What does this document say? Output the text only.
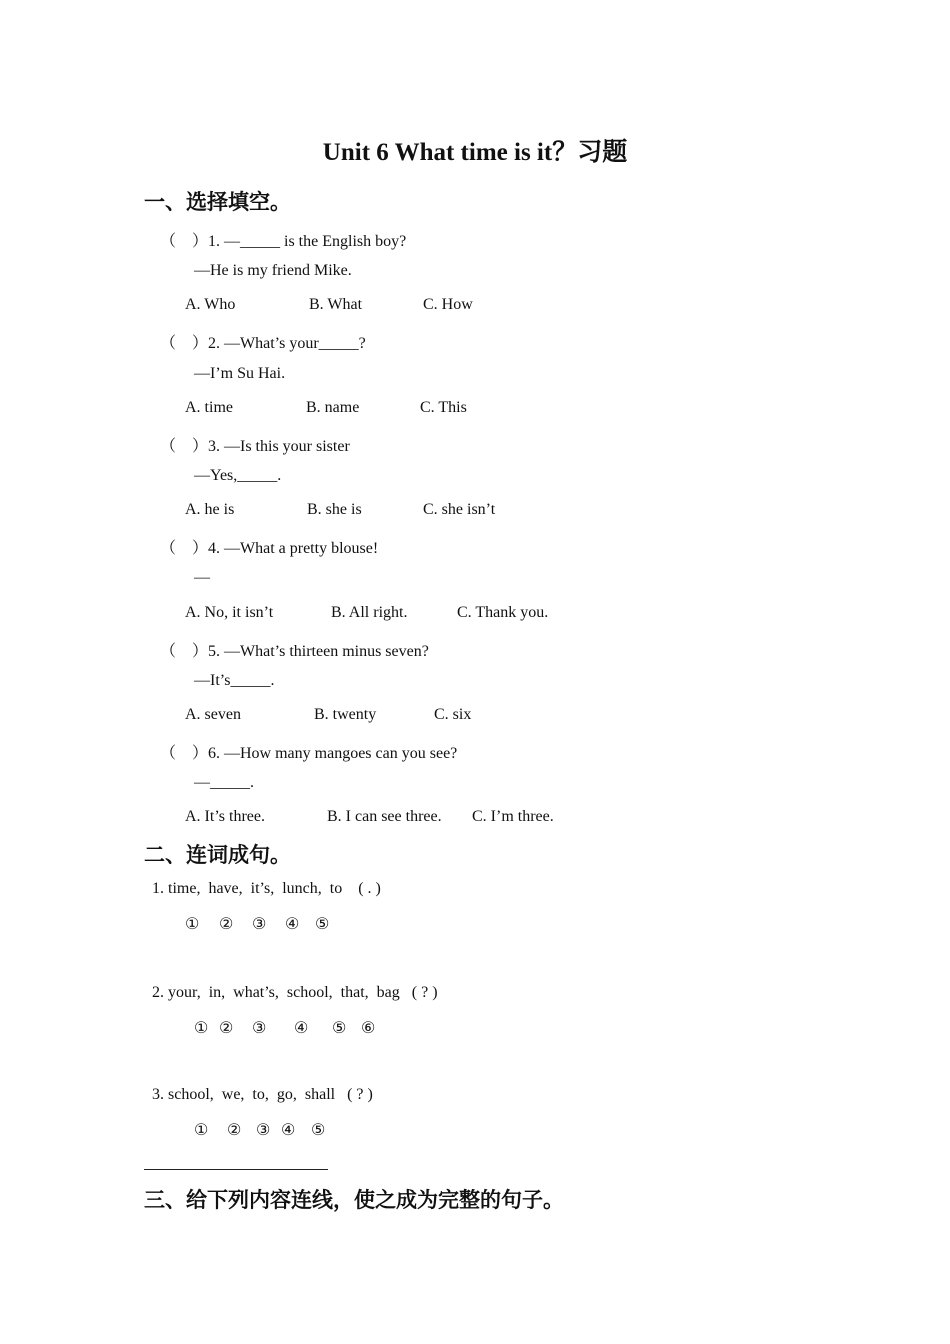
Unit 6 What time is it？习题
一、选择填空。
（　）1. —_____ is the English boy?
—He is my friend Mike.
A. Who	B. What	C. How
（　）2. —What’s your_____?
—I’m Su Hai.
A. time	B. name	C. This
（　）3. —Is this your sister
—Yes,_____.
A. he is	B. she is	C. she isn’t
（　）4. —What a pretty blouse!
—
A. No, it isn’t	B. All right.	C. Thank you.
（　）5. —What’s thirteen minus seven?
—It’s_____.
A. seven	B. twenty	C. six
（　）6. —How many mangoes can you see?
—_____.
A. It’s three.	B. I can see three. C. I’m three.
二、连词成句。
1. time,  have,  it’s,  lunch,  to    ( . )
① ② ③ ④ ⑤
2. your,  in,  what’s,  school,  that,  bag   ( ? )
① ② ③ ④ ⑤ ⑥
3. school,  we,  to,  go,  shall   ( ? )
① ② ③ ④ ⑤
三、给下列内容连线，使之成为完整的句子。
